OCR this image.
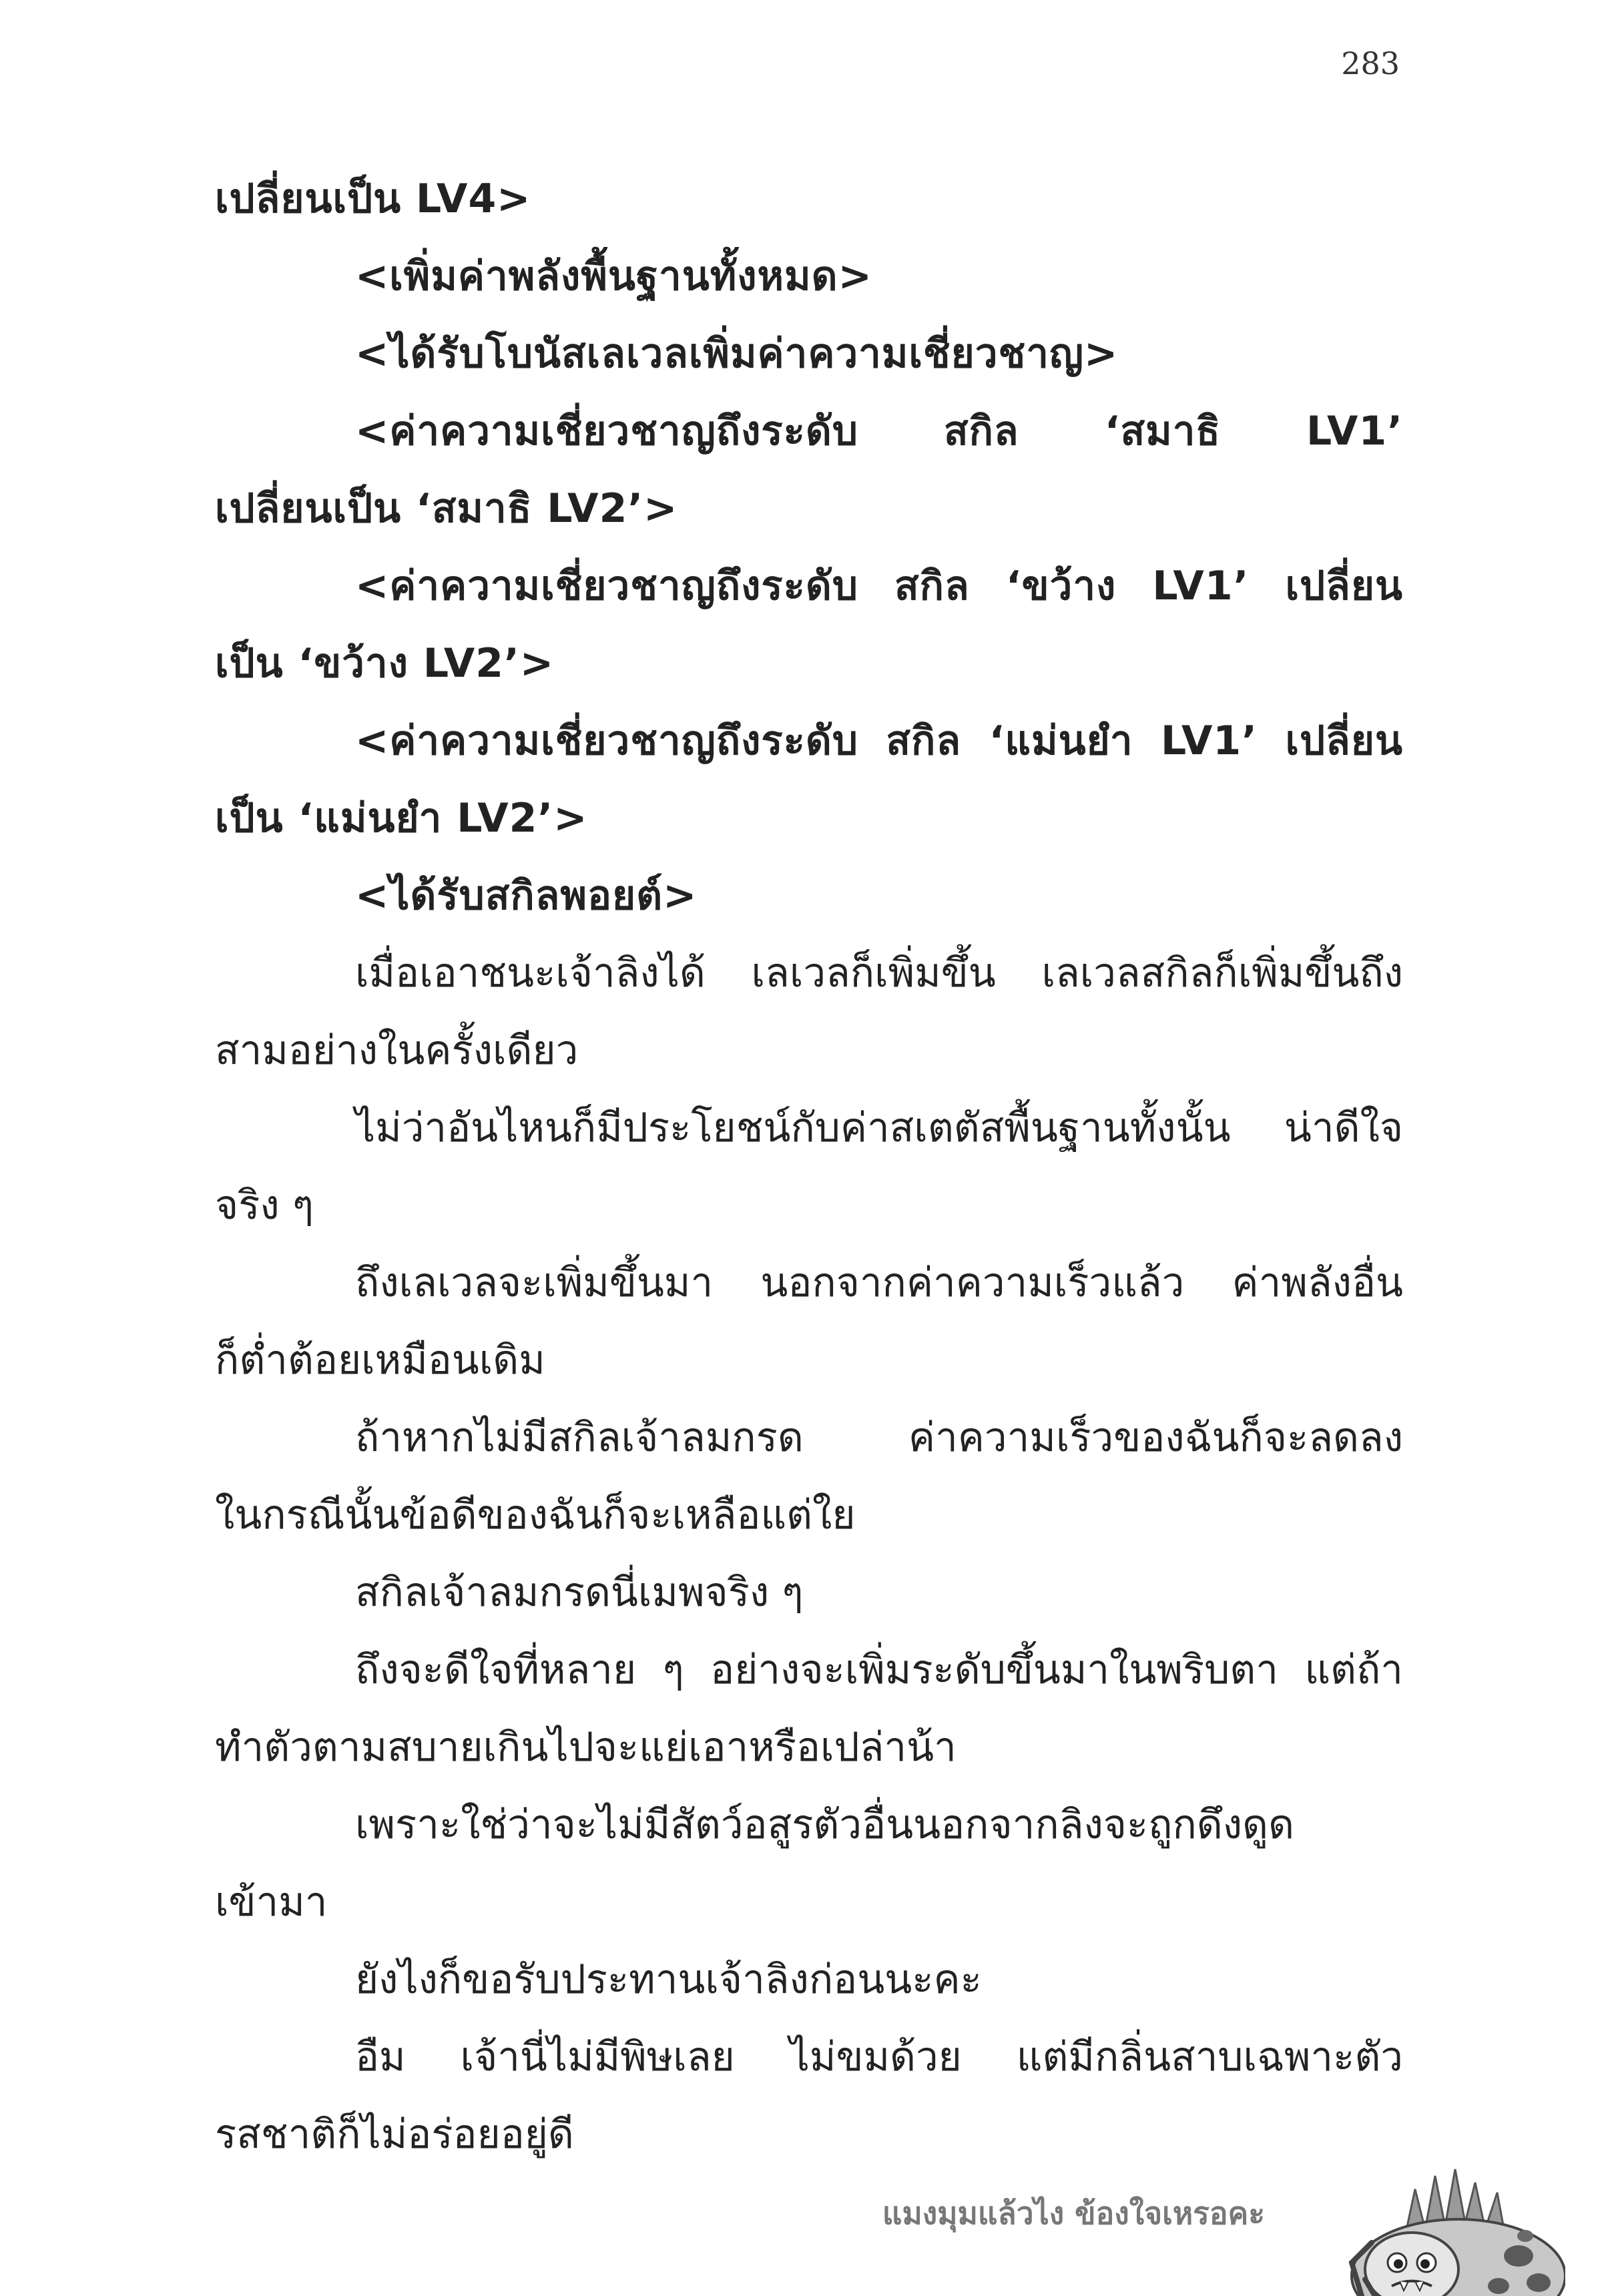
283
เปลี่ยนเป็น LV4>
<เพิ่มค่าพลังพื้นฐานทั้งหมด>
<ได้รับโบนัสเลเวลเพิ่มค่าความเชี่ยวชาญ>
<ค่าความเชี่ยวชาญถึงระดับ สกิล ‘สมาธิ LV1’
เปลี่ยนเป็น ‘สมาธิ LV2’>
<ค่าความเชี่ยวชาญถึงระดับ สกิล ‘ขว้าง LV1’ เปลี่ยน
เป็น ‘ขว้าง LV2’>
<ค่าความเชี่ยวชาญถึงระดับ สกิล ‘แม่นยำ LV1’ เปลี่ยน
เป็น ‘แม่นยำ LV2’>
<ได้รับสกิลพอยต์>
เมื่อเอาชนะเจ้าลิงได้ เลเวลก็เพิ่มขึ้น เลเวลสกิลก็เพิ่มขึ้นถึง
สามอย่างในครั้งเดียว
ไม่ว่าอันไหนก็มีประโยชน์กับค่าสเตตัสพื้นฐานทั้งนั้น น่าดีใจ
จริง ๆ
ถึงเลเวลจะเพิ่มขึ้นมา นอกจากค่าความเร็วแล้ว ค่าพลังอื่น
ก็ต่ำต้อยเหมือนเดิม
ถ้าหากไม่มีสกิลเจ้าลมกรด ค่าความเร็วของฉันก็จะลดลง
ในกรณีนั้นข้อดีของฉันก็จะเหลือแต่ใย
สกิลเจ้าลมกรดนี่เมพจริง ๆ
ถึงจะดีใจที่หลาย ๆ อย่างจะเพิ่มระดับขึ้นมาในพริบตา แต่ถ้า
ทำตัวตามสบายเกินไปจะแย่เอาหรือเปล่าน้า
เพราะใช่ว่าจะไม่มีสัตว์อสูรตัวอื่นนอกจากลิงจะถูกดึงดูด
เข้ามา
ยังไงก็ขอรับประทานเจ้าลิงก่อนนะคะ
อืม เจ้านี่ไม่มีพิษเลย ไม่ขมด้วย แต่มีกลิ่นสาบเฉพาะตัว
รสชาติก็ไม่อร่อยอยู่ดี
แมงมุมแล้วไง ข้องใจเหรอคะ
